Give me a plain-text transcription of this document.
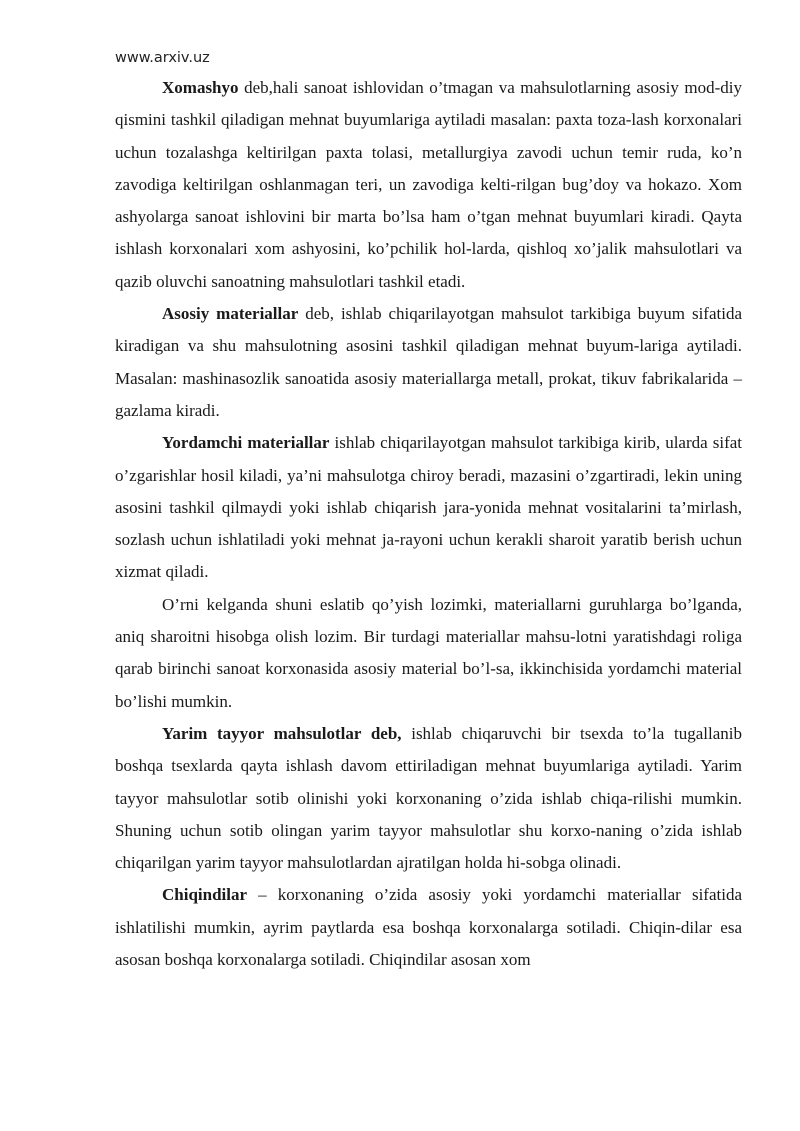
www.arxiv.uz

Xomashyo deb,hali sanoat ishlovidan o’tmagan va mahsulotlarning asosiy mod-diy qismini tashkil qiladigan mehnat buyumlariga aytiladi masalan: paxta toza-lash korxonalari uchun tozalashga keltirilgan paxta tolasi, metallurgiya zavodi uchun temir ruda, ko’n zavodiga keltirilgan oshlanmagan teri, un zavodiga kelti-rilgan bug’doy va hokazo. Xom ashyolarga sanoat ishlovini bir marta bo’lsa ham o’tgan mehnat buyumlari kiradi. Qayta ishlash korxonalari xom ashyosini, ko’pchilik hol-larda, qishloq xo’jalik mahsulotlari va qazib oluvchi sanoatning mahsulotlari tashkil etadi.

Asosiy materiallar deb, ishlab chiqarilayotgan mahsulot tarkibiga buyum sifatida kiradigan va shu mahsulotning asosini tashkil qiladigan mehnat buyum-lariga aytiladi. Masalan: mashinasozlik sanoatida asosiy materiallarga metall, prokat, tikuv fabrikalarida – gazlama kiradi.

Yordamchi materiallar ishlab chiqarilayotgan mahsulot tarkibiga kirib, ularda sifat o’zgarishlar hosil kiladi, ya’ni mahsulotga chiroy beradi, mazasini o’zgartiradi, lekin uning asosini tashkil qilmaydi yoki ishlab chiqarish jara-yonida mehnat vositalarini ta’mirlash, sozlash uchun ishlatiladi yoki mehnat ja-rayoni uchun kerakli sharoit yaratib berish uchun xizmat qiladi.

O’rni kelganda shuni eslatib qo’yish lozimki, materiallarni guruhlarga bo’lganda, aniq sharoitni hisobga olish lozim. Bir turdagi materiallar mahsu-lotni yaratishdagi roliga qarab birinchi sanoat korxonasida asosiy material bo’l-sa, ikkinchisida yordamchi material bo’lishi mumkin.

Yarim tayyor mahsulotlar deb, ishlab chiqaruvchi bir tsexda to’la tugallanib boshqa tsexlarda qayta ishlash davom ettiriladigan mehnat buyumlariga aytiladi. Yarim tayyor mahsulotlar sotib olinishi yoki korxonaning o’zida ishlab chiqa-rilishi mumkin. Shuning uchun sotib olingan yarim tayyor mahsulotlar shu korxo-naning o’zida ishlab chiqarilgan yarim tayyor mahsulotlardan ajratilgan holda hi-sobga olinadi.

Chiqindilar – korxonaning o’zida asosiy yoki yordamchi materiallar sifatida ishlatilishi mumkin, ayrim paytlarda esa boshqa korxonalarga sotiladi. Chiqin-dilar esa asosan boshqa korxonalarga sotiladi. Chiqindilar asosan xom
